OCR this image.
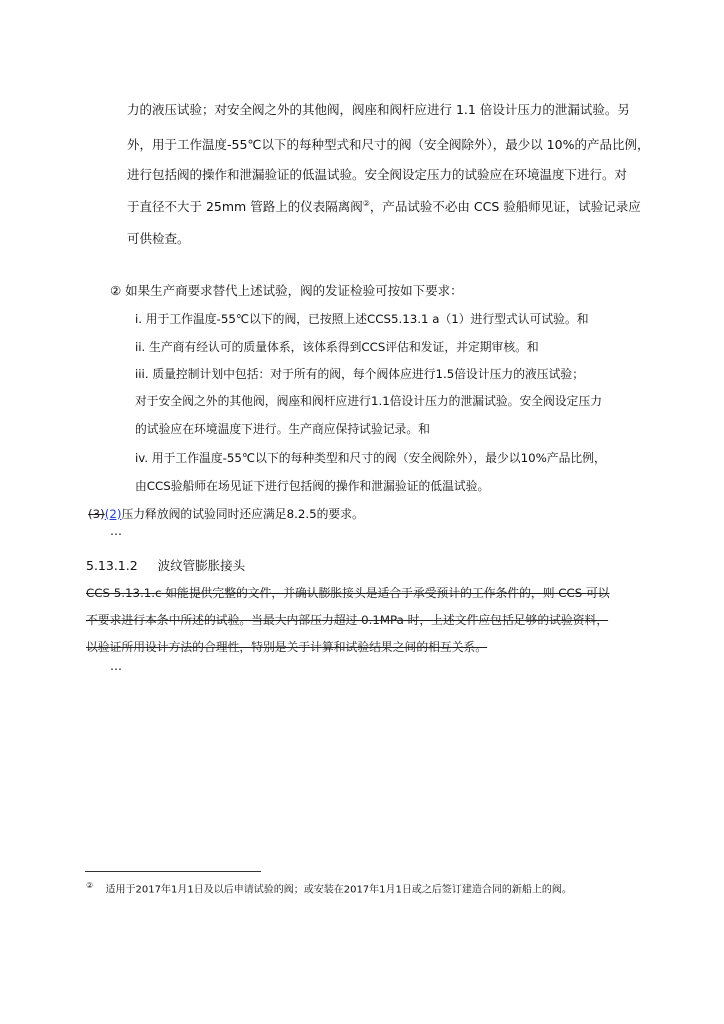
力的液压试验；对安全阀之外的其他阀，阀座和阀杆应进行 1.1 倍设计压力的泄漏试验。另
外，用于工作温度-55℃以下的每种型式和尺寸的阀（安全阀除外），最少以 10%的产品比例，
进行包括阀的操作和泄漏验证的低温试验。安全阀设定压力的试验应在环境温度下进行。对
于直径不大于 25mm 管路上的仪表隔离阀②，产品试验不必由 CCS 验船师见证，试验记录应
可供检查。
② 如果生产商要求替代上述试验，阀的发证检验可按如下要求：
i. 用于工作温度-55℃以下的阀，已按照上述CCS5.13.1 a（1）进行型式认可试验。和
ii. 生产商有经认可的质量体系，该体系得到CCS评估和发证，并定期审核。和
iii. 质量控制计划中包括：对于所有的阀，每个阀体应进行1.5倍设计压力的液压试验；
对于安全阀之外的其他阀，阀座和阀杆应进行1.1倍设计压力的泄漏试验。安全阀设定压力
的试验应在环境温度下进行。生产商应保持试验记录。和
iv. 用于工作温度-55℃以下的每种类型和尺寸的阀（安全阀除外），最少以10%产品比例，
由CCS验船师在场见证下进行包括阀的操作和泄漏验证的低温试验。
(3)(2)压力释放阀的试验同时还应满足8.2.5的要求。
…
5.13.1.2 波纹管膨胀接头
CCS 5.13.1.c 如能提供完整的文件，并确认膨胀接头是适合于承受预计的工作条件的，则 CCS 可以
不要求进行本条中所述的试验。当最大内部压力超过 0.1MPa 时，上述文件应包括足够的试验资料，
以验证所用设计方法的合理性，特别是关于计算和试验结果之间的相互关系。
…
② 适用于2017年1月1日及以后申请试验的阀；或安装在2017年1月1日或之后签订建造合同的新船上的阀。
